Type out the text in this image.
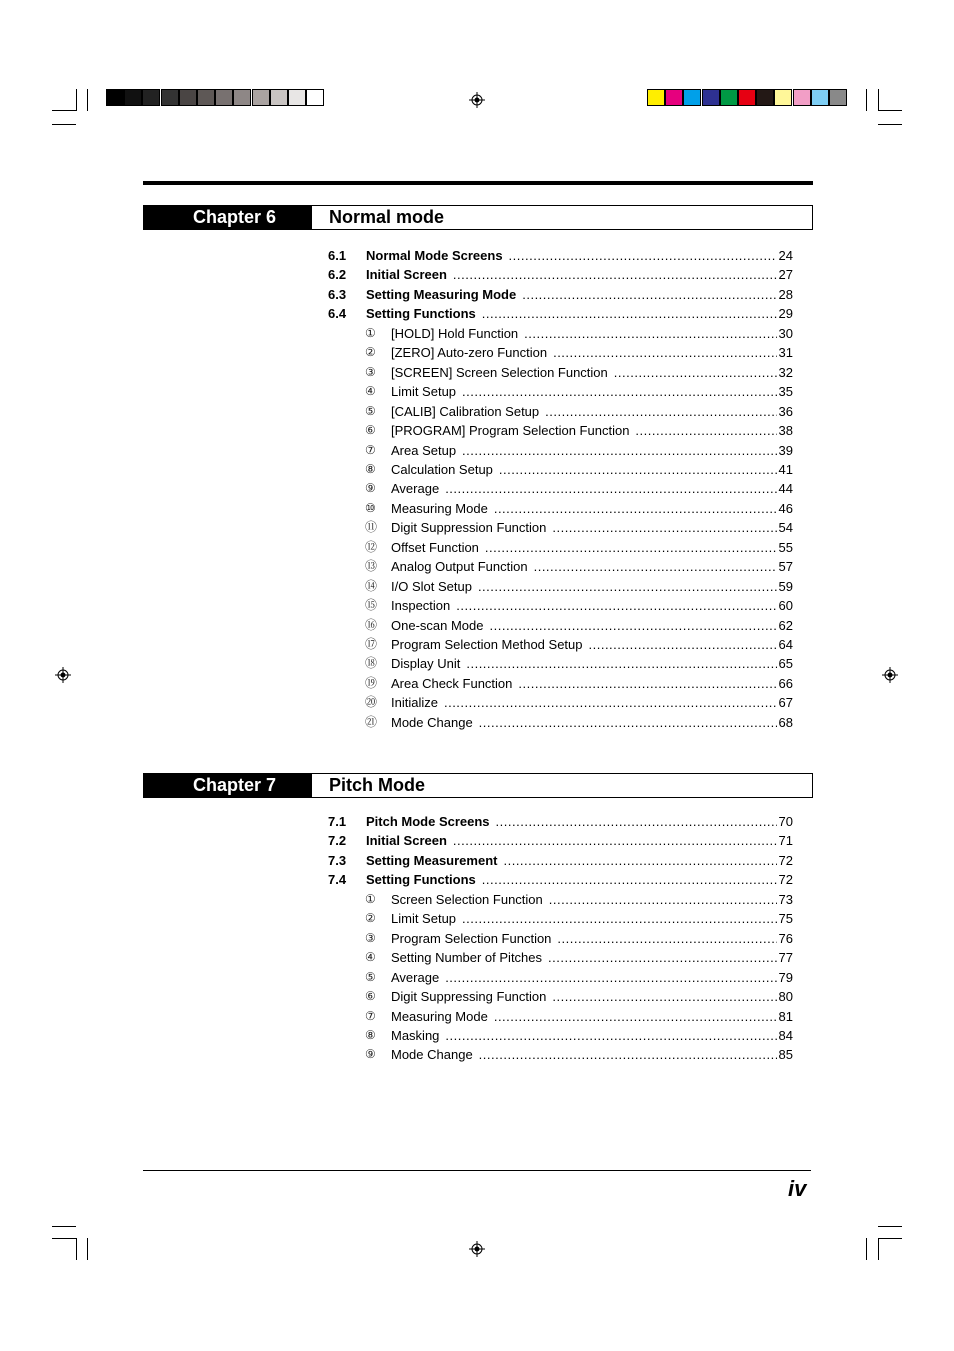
Chapter 6	Normal mode
6.1	Normal Mode Screens .....	24
6.2	Initial Screen .....	27
6.3	Setting Measuring Mode .....	28
6.4	Setting Functions .....	29
①	[HOLD] Hold Function .....	30
②	[ZERO] Auto-zero Function .....	31
③	[SCREEN] Screen Selection Function .....	32
④	Limit Setup .....	35
⑤	[CALIB] Calibration Setup .....	36
⑥	[PROGRAM] Program Selection Function .....	38
⑦	Area Setup .....	39
⑧	Calculation Setup .....	41
⑨	Average .....	44
⑩	Measuring Mode .....	46
⑪	Digit Suppression Function .....	54
⑫	Offset Function .....	55
⑬	Analog Output Function .....	57
⑭	I/O Slot Setup .....	59
⑮	Inspection .....	60
⑯	One-scan Mode .....	62
⑰	Program Selection Method Setup .....	64
⑱	Display Unit .....	65
⑲	Area Check Function .....	66
⑳	Initialize .....	67
㉑	Mode Change .....	68
Chapter 7	Pitch Mode
7.1	Pitch Mode Screens .....	70
7.2	Initial Screen .....	71
7.3	Setting Measurement .....	72
7.4	Setting Functions .....	72
①	Screen Selection Function .....	73
②	Limit Setup .....	75
③	Program Selection Function .....	76
④	Setting Number of Pitches .....	77
⑤	Average .....	79
⑥	Digit Suppressing Function .....	80
⑦	Measuring Mode .....	81
⑧	Masking .....	84
⑨	Mode Change .....	85
iv
